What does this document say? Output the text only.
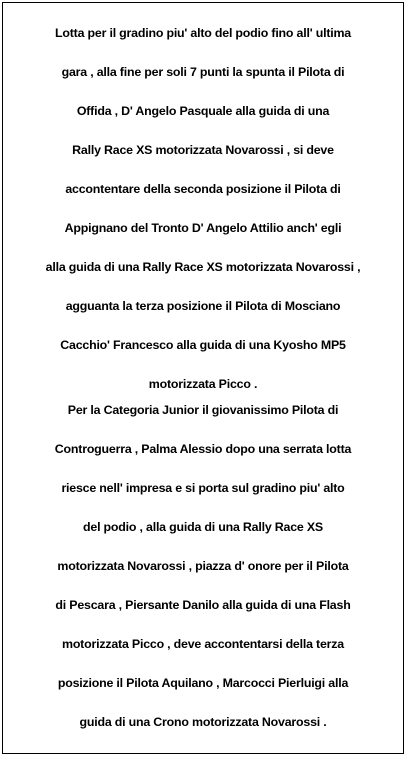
Lotta per il gradino piu' alto del podio fino all' ultima
gara , alla fine per soli 7 punti la spunta il Pilota di
Offida , D' Angelo Pasquale alla guida di una
Rally Race XS motorizzata Novarossi , si deve
accontentare della seconda posizione il Pilota di
Appignano del Tronto D' Angelo Attilio anch' egli
alla guida di una Rally Race XS motorizzata Novarossi ,
agguanta la terza posizione il Pilota di Mosciano
Cacchio' Francesco alla guida di una Kyosho MP5
motorizzata Picco .
Per la Categoria Junior il giovanissimo Pilota di
Controguerra , Palma Alessio dopo una serrata lotta
riesce nell' impresa e si porta sul gradino piu' alto
del podio , alla guida di una Rally Race XS
motorizzata Novarossi , piazza d' onore per il Pilota
di Pescara , Piersante Danilo alla guida di una Flash
motorizzata Picco , deve accontentarsi della terza
posizione il Pilota Aquilano , Marcocci Pierluigi alla
guida di una Crono motorizzata Novarossi .
